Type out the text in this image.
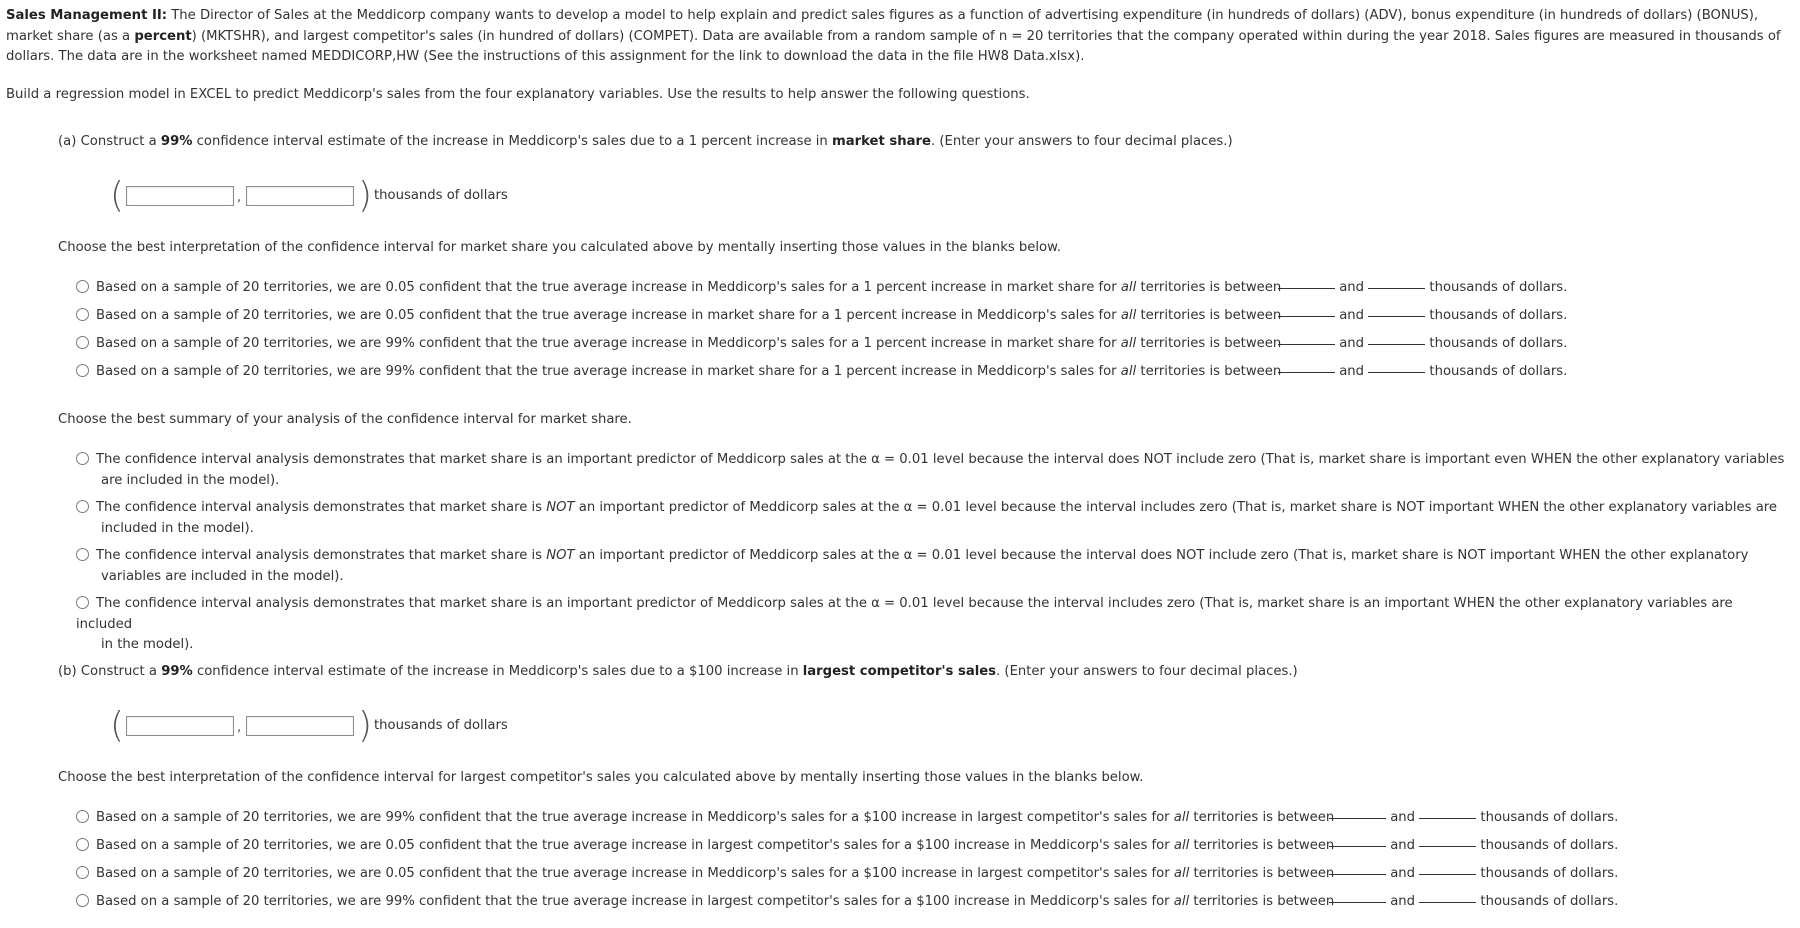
Sales Management II: The Director of Sales at the Meddicorp company wants to develop a model to help explain and predict sales figures as a function of advertising expenditure (in hundreds of dollars) (ADV), bonus expenditure (in hundreds of dollars) (BONUS), market share (as a percent) (MKTSHR), and largest competitor's sales (in hundred of dollars) (COMPET). Data are available from a random sample of n = 20 territories that the company operated within during the year 2018. Sales figures are measured in thousands of dollars. The data are in the worksheet named MEDDICORP,HW (See the instructions of this assignment for the link to download the data in the file HW8 Data.xlsx).
Build a regression model in EXCEL to predict Meddicorp's sales from the four explanatory variables. Use the results to help answer the following questions.
(a) Construct a 99% confidence interval estimate of the increase in Meddicorp's sales due to a 1 percent increase in market share. (Enter your answers to four decimal places.)
(	,	) thousands of dollars
Choose the best interpretation of the confidence interval for market share you calculated above by mentally inserting those values in the blanks below.
Based on a sample of 20 territories, we are 0.05 confident that the true average increase in Meddicorp's sales for a 1 percent increase in market share for all territories is between
Based on a sample of 20 territories, we are 0.05 confident that the true average increase in market share for a 1 percent increase in Meddicorp's sales for all territories is between
Based on a sample of 20 territories, we are 99% confident that the true average increase in Meddicorp's sales for a 1 percent increase in market share for all territories is between
Based on a sample of 20 territories, we are 99% confident that the true average increase in market share for a 1 percent increase in Meddicorp's sales for all territories is between
and	thousands of dollars.
and	thousands of dollars.
and	thousands of dollars.
and	thousands of dollars.
Choose the best summary of your analysis of the confidence interval for market share.
The confidence interval analysis demonstrates that market share is an important predictor of Meddicorp sales at the α = 0.01 level because the interval does NOT include zero (That is, market share is important even WHEN the other explanatory variables
are included in the model).
The confidence interval analysis demonstrates that market share is NOT an important predictor of Meddicorp sales at the α = 0.01 level because the interval includes zero (That is, market share is NOT important WHEN the other explanatory variables are
included in the model).
The confidence interval analysis demonstrates that market share is NOT an important predictor of Meddicorp sales at the α = 0.01 level because the interval does NOT include zero (That is, market share is NOT important WHEN the other explanatory
variables are included in the model).
The confidence interval analysis demonstrates that market share is an important predictor of Meddicorp sales at the α = 0.01 level because the interval includes zero (That is, market share is an important WHEN the other explanatory variables are included
in the model).
(b) Construct a 99% confidence interval estimate of the increase in Meddicorp's sales due to a $100 increase in largest competitor's sales. (Enter your answers to four decimal places.)
(	,	) thousands of dollars
Choose the best interpretation of the confidence interval for largest competitor's sales you calculated above by mentally inserting those values in the blanks below.
Based on a sample of 20 territories, we are 99% confident that the true average increase in Meddicorp's sales for a $100 increase in largest competitor's sales for all territories is between
Based on a sample of 20 territories, we are 0.05 confident that the true average increase in largest competitor's sales for a $100 increase in Meddicorp's sales for all territories is between
Based on a sample of 20 territories, we are 0.05 confident that the true average increase in Meddicorp's sales for a $100 increase in largest competitor's sales for all territories is between
Based on a sample of 20 territories, we are 99% confident that the true average increase in largest competitor's sales for a $100 increase in Meddicorp's sales for all territories is between
and	thousands of dollars.
and	thousands of dollars.
and	thousands of dollars.
and	thousands of dollars.
